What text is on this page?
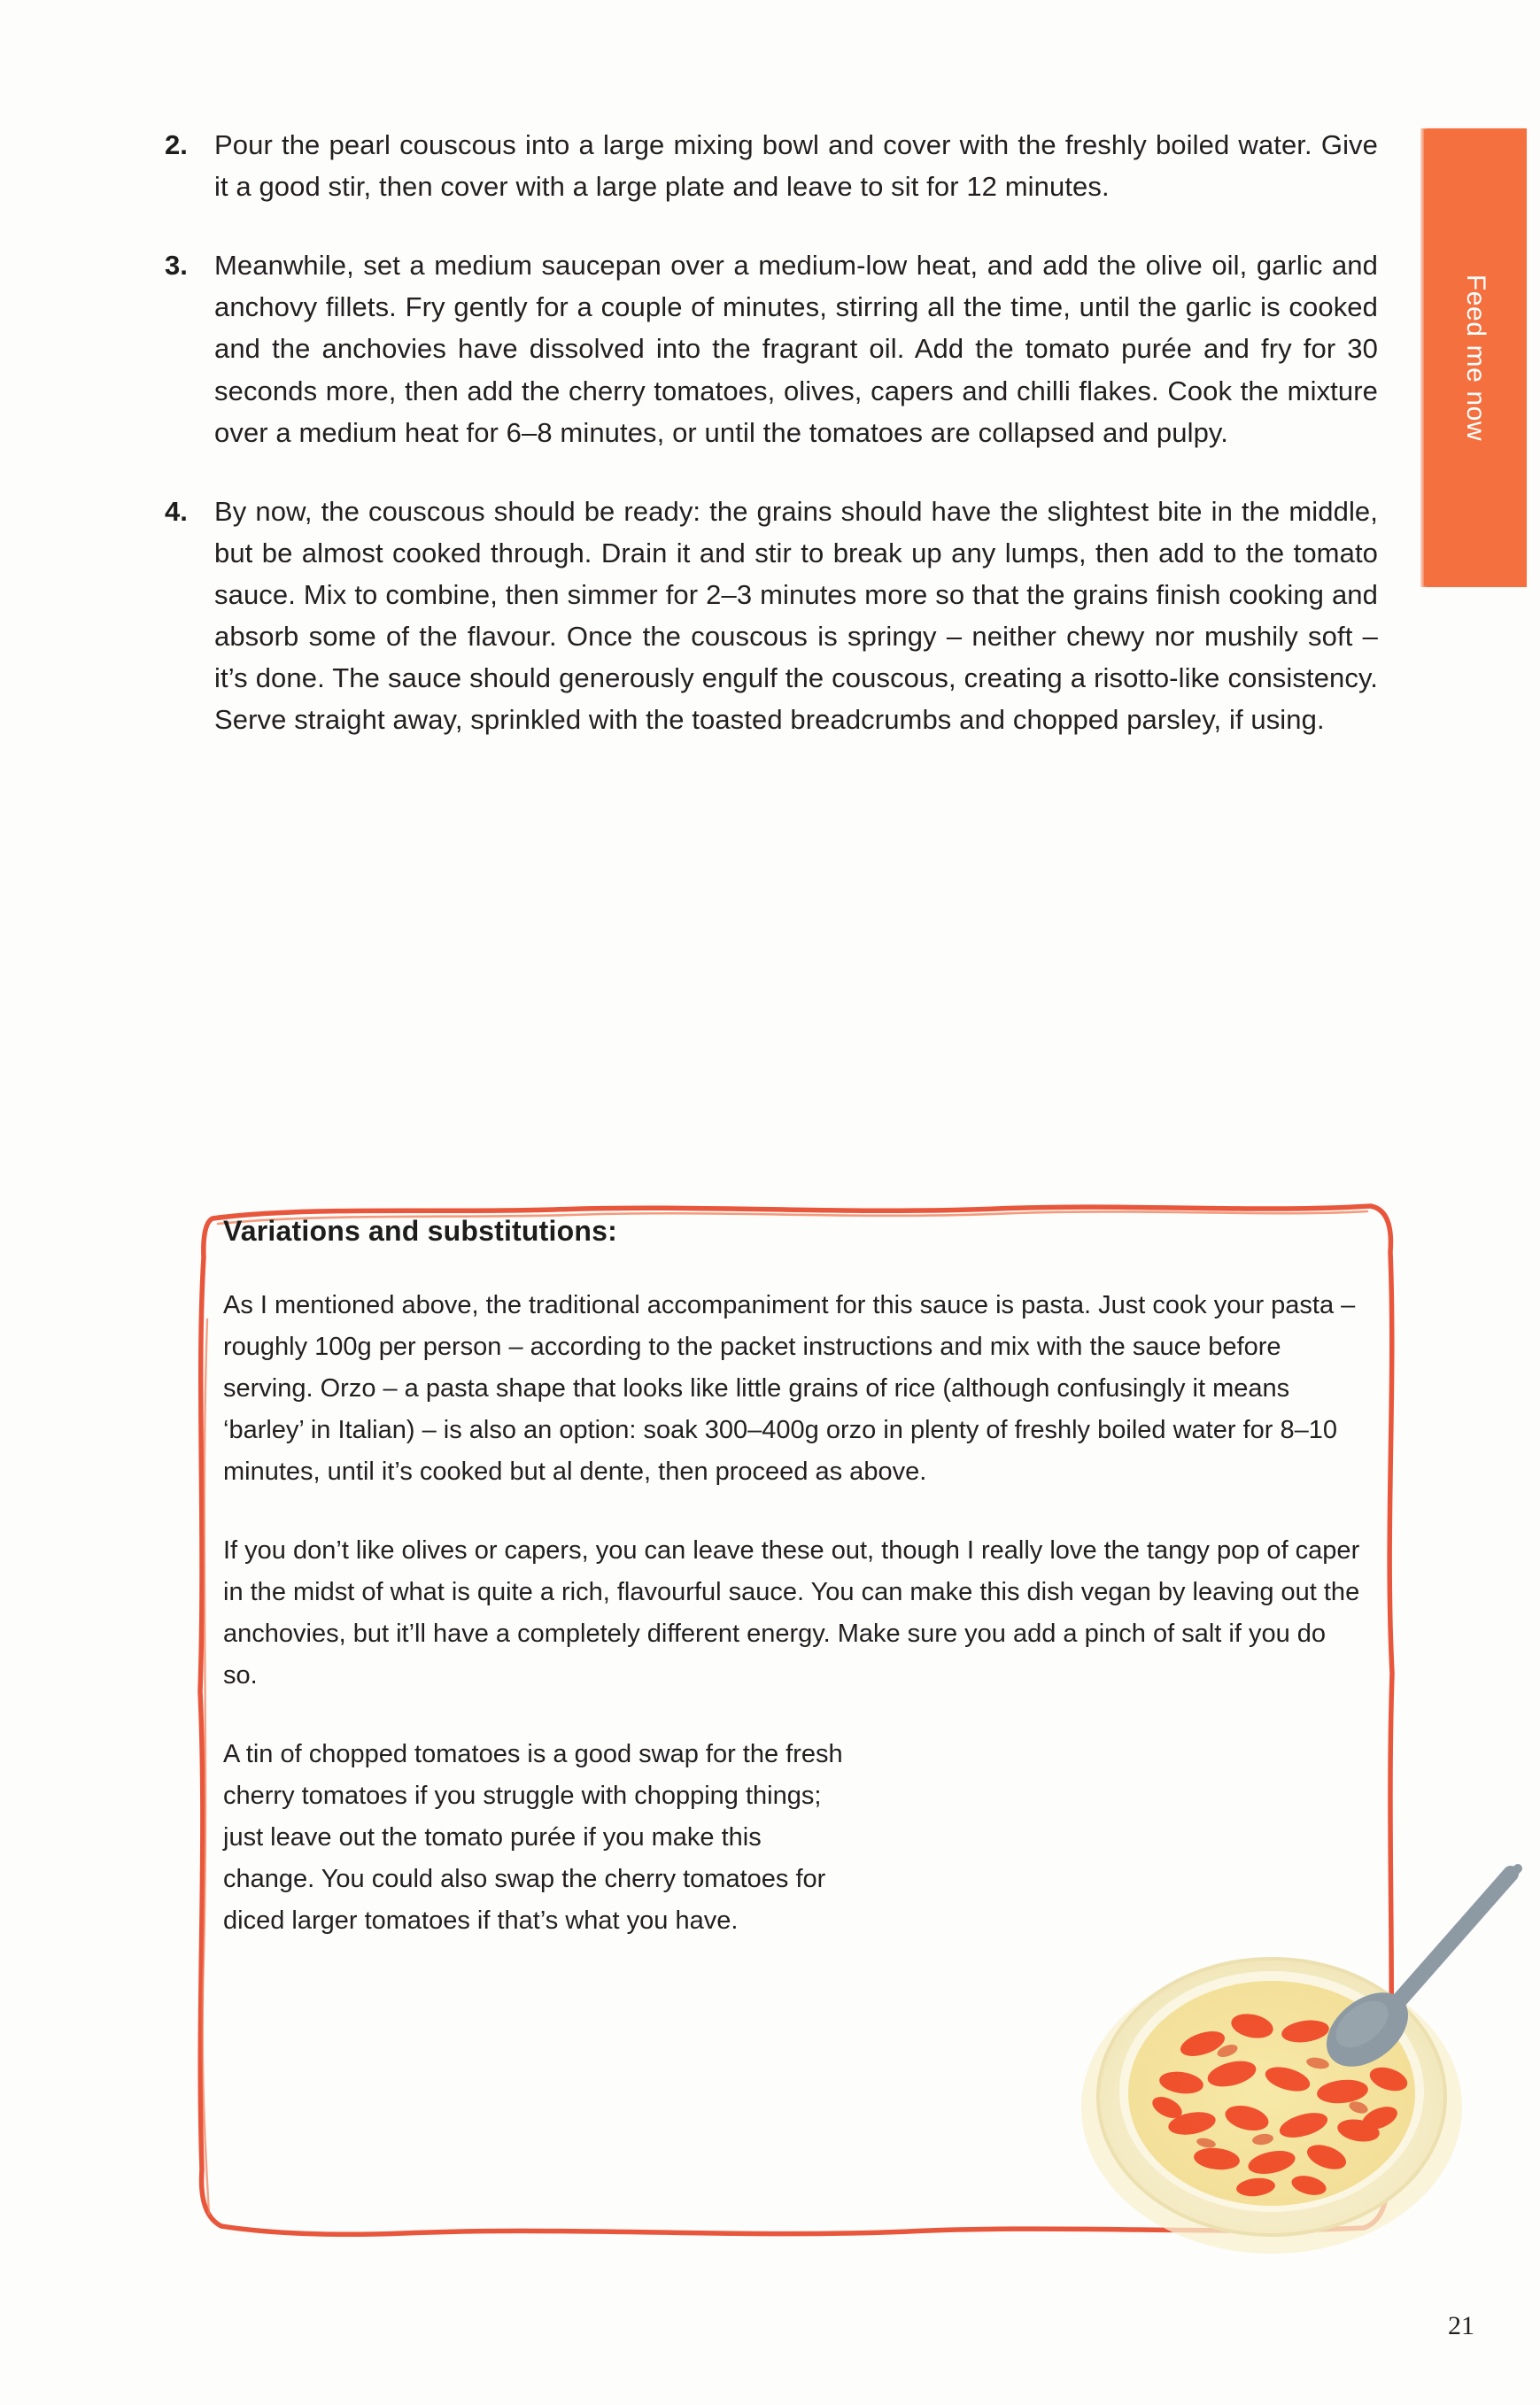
Feed me now
2. Pour the pearl couscous into a large mixing bowl and cover with the freshly boiled water. Give it a good stir, then cover with a large plate and leave to sit for 12 minutes.
3. Meanwhile, set a medium saucepan over a medium-low heat, and add the olive oil, garlic and anchovy fillets. Fry gently for a couple of minutes, stirring all the time, until the garlic is cooked and the anchovies have dissolved into the fragrant oil. Add the tomato purée and fry for 30 seconds more, then add the cherry tomatoes, olives, capers and chilli flakes. Cook the mixture over a medium heat for 6–8 minutes, or until the tomatoes are collapsed and pulpy.
4. By now, the couscous should be ready: the grains should have the slightest bite in the middle, but be almost cooked through. Drain it and stir to break up any lumps, then add to the tomato sauce. Mix to combine, then simmer for 2–3 minutes more so that the grains finish cooking and absorb some of the flavour. Once the couscous is springy – neither chewy nor mushily soft – it’s done. The sauce should generously engulf the couscous, creating a risotto-like consistency. Serve straight away, sprinkled with the toasted breadcrumbs and chopped parsley, if using.
Variations and substitutions:

As I mentioned above, the traditional accompaniment for this sauce is pasta. Just cook your pasta – roughly 100g per person – according to the packet instructions and mix with the sauce before serving. Orzo – a pasta shape that looks like little grains of rice (although confusingly it means ‘barley’ in Italian) – is also an option: soak 300–400g orzo in plenty of freshly boiled water for 8–10 minutes, until it’s cooked but al dente, then proceed as above.

If you don’t like olives or capers, you can leave these out, though I really love the tangy pop of caper in the midst of what is quite a rich, flavourful sauce. You can make this dish vegan by leaving out the anchovies, but it’ll have a completely different energy. Make sure you add a pinch of salt if you do so.

A tin of chopped tomatoes is a good swap for the fresh cherry tomatoes if you struggle with chopping things; just leave out the tomato purée if you make this change. You could also swap the cherry tomatoes for diced larger tomatoes if that’s what you have.

21
